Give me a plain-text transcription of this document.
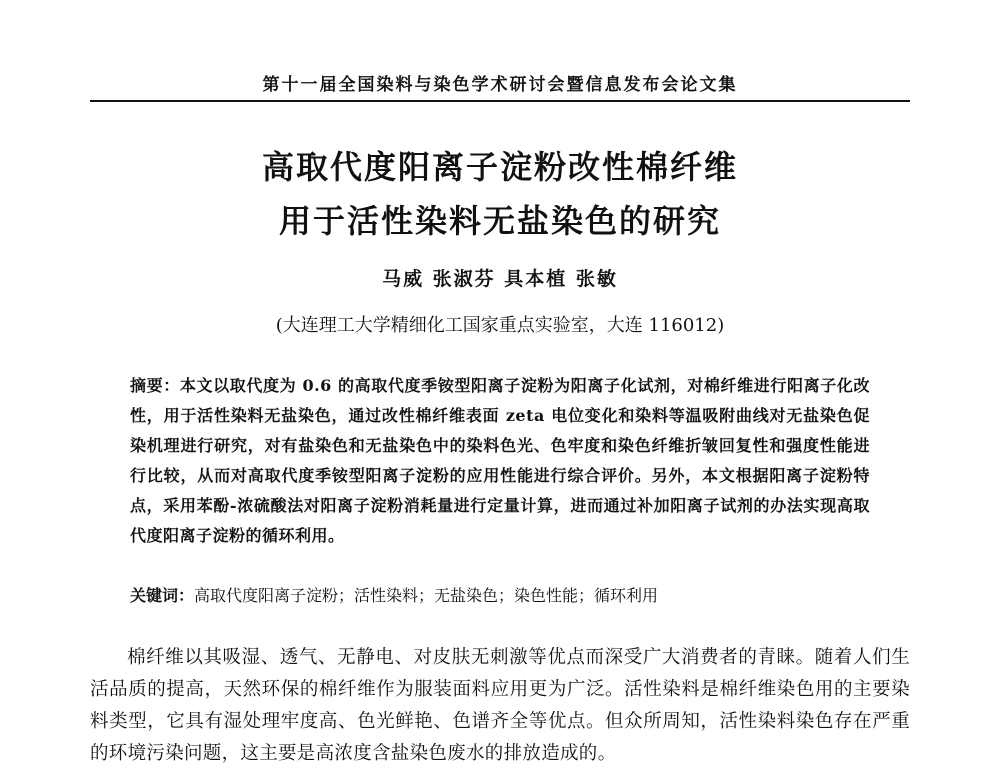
第十一届全国染料与染色学术研讨会暨信息发布会论文集
高取代度阳离子淀粉改性棉纤维
用于活性染料无盐染色的研究
马威 张淑芬 具本植 张敏
(大连理工大学精细化工国家重点实验室，大连 116012)
摘要：本文以取代度为 0.6 的高取代度季铵型阳离子淀粉为阳离子化试剂，对棉纤维进行阳离子化改性，用于活性染料无盐染色，通过改性棉纤维表面 zeta 电位变化和染料等温吸附曲线对无盐染色促染机理进行研究，对有盐染色和无盐染色中的染料色光、色牢度和染色纤维折皱回复性和强度性能进行比较，从而对高取代度季铵型阳离子淀粉的应用性能进行综合评价。另外，本文根据阳离子淀粉特点，采用苯酚-浓硫酸法对阳离子淀粉消耗量进行定量计算，进而通过补加阳离子试剂的办法实现高取代度阳离子淀粉的循环利用。
关键词：高取代度阳离子淀粉；活性染料；无盐染色；染色性能；循环利用
棉纤维以其吸湿、透气、无静电、对皮肤无刺激等优点而深受广大消费者的青睐。随着人们生活品质的提高，天然环保的棉纤维作为服装面料应用更为广泛。活性染料是棉纤维染色用的主要染料类型，它具有湿处理牢度高、色光鲜艳、色谱齐全等优点。但众所周知，活性染料染色存在严重的环境污染问题，这主要是高浓度含盐染色废水的排放造成的。
